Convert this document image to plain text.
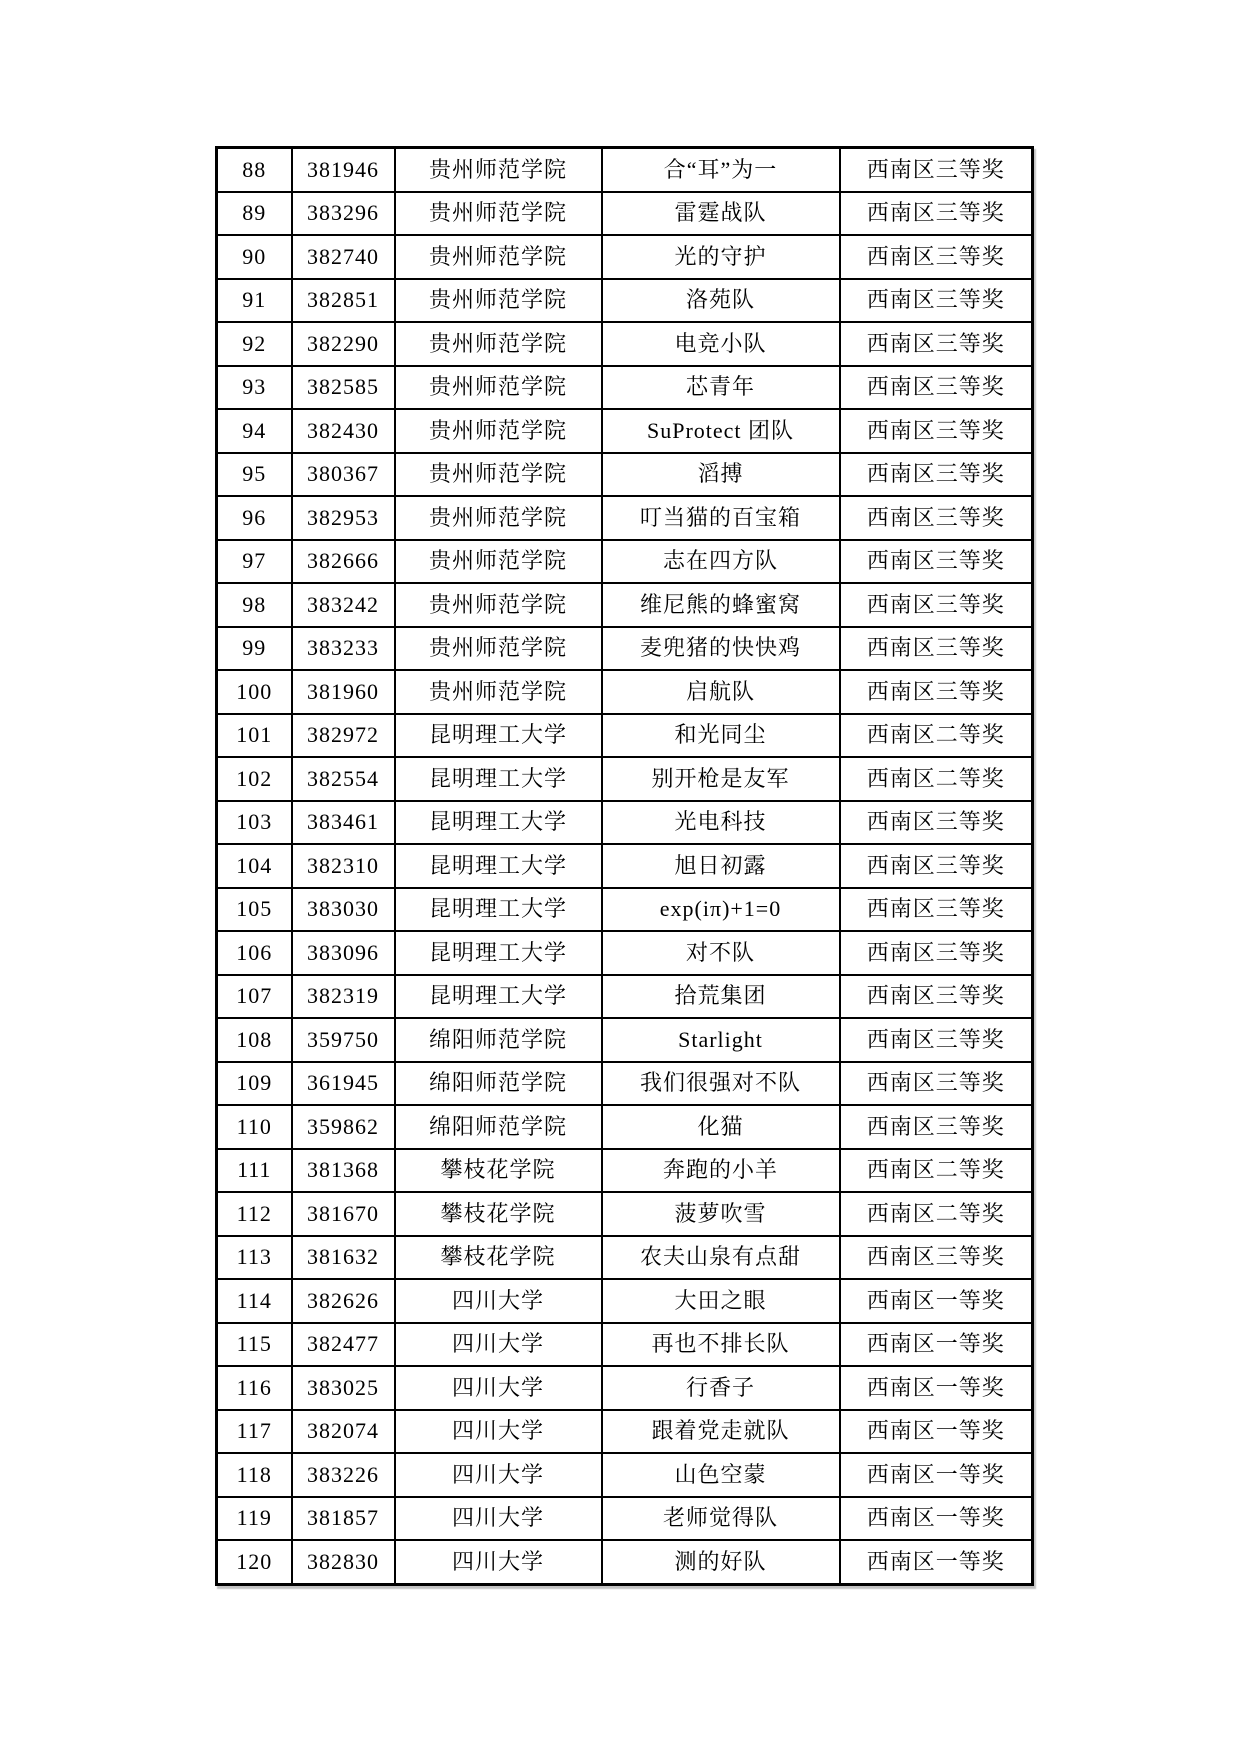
88	381946	贵州师范学院	合“耳”为一	西南区三等奖
89	383296	贵州师范学院	雷霆战队	西南区三等奖
90	382740	贵州师范学院	光的守护	西南区三等奖
91	382851	贵州师范学院	洛苑队	西南区三等奖
92	382290	贵州师范学院	电竞小队	西南区三等奖
93	382585	贵州师范学院	芯青年	西南区三等奖
94	382430	贵州师范学院	SuProtect 团队	西南区三等奖
95	380367	贵州师范学院	滔搏	西南区三等奖
96	382953	贵州师范学院	叮当猫的百宝箱	西南区三等奖
97	382666	贵州师范学院	志在四方队	西南区三等奖
98	383242	贵州师范学院	维尼熊的蜂蜜窝	西南区三等奖
99	383233	贵州师范学院	麦兜猪的快快鸡	西南区三等奖
100	381960	贵州师范学院	启航队	西南区三等奖
101	382972	昆明理工大学	和光同尘	西南区二等奖
102	382554	昆明理工大学	别开枪是友军	西南区二等奖
103	383461	昆明理工大学	光电科技	西南区三等奖
104	382310	昆明理工大学	旭日初露	西南区三等奖
105	383030	昆明理工大学	exp(iπ)+1=0	西南区三等奖
106	383096	昆明理工大学	对不队	西南区三等奖
107	382319	昆明理工大学	拾荒集团	西南区三等奖
108	359750	绵阳师范学院	Starlight	西南区三等奖
109	361945	绵阳师范学院	我们很强对不队	西南区三等奖
110	359862	绵阳师范学院	化猫	西南区三等奖
111	381368	攀枝花学院	奔跑的小羊	西南区二等奖
112	381670	攀枝花学院	菠萝吹雪	西南区二等奖
113	381632	攀枝花学院	农夫山泉有点甜	西南区三等奖
114	382626	四川大学	大田之眼	西南区一等奖
115	382477	四川大学	再也不排长队	西南区一等奖
116	383025	四川大学	行香子	西南区一等奖
117	382074	四川大学	跟着党走就队	西南区一等奖
118	383226	四川大学	山色空蒙	西南区一等奖
119	381857	四川大学	老师觉得队	西南区一等奖
120	382830	四川大学	测的好队	西南区一等奖
